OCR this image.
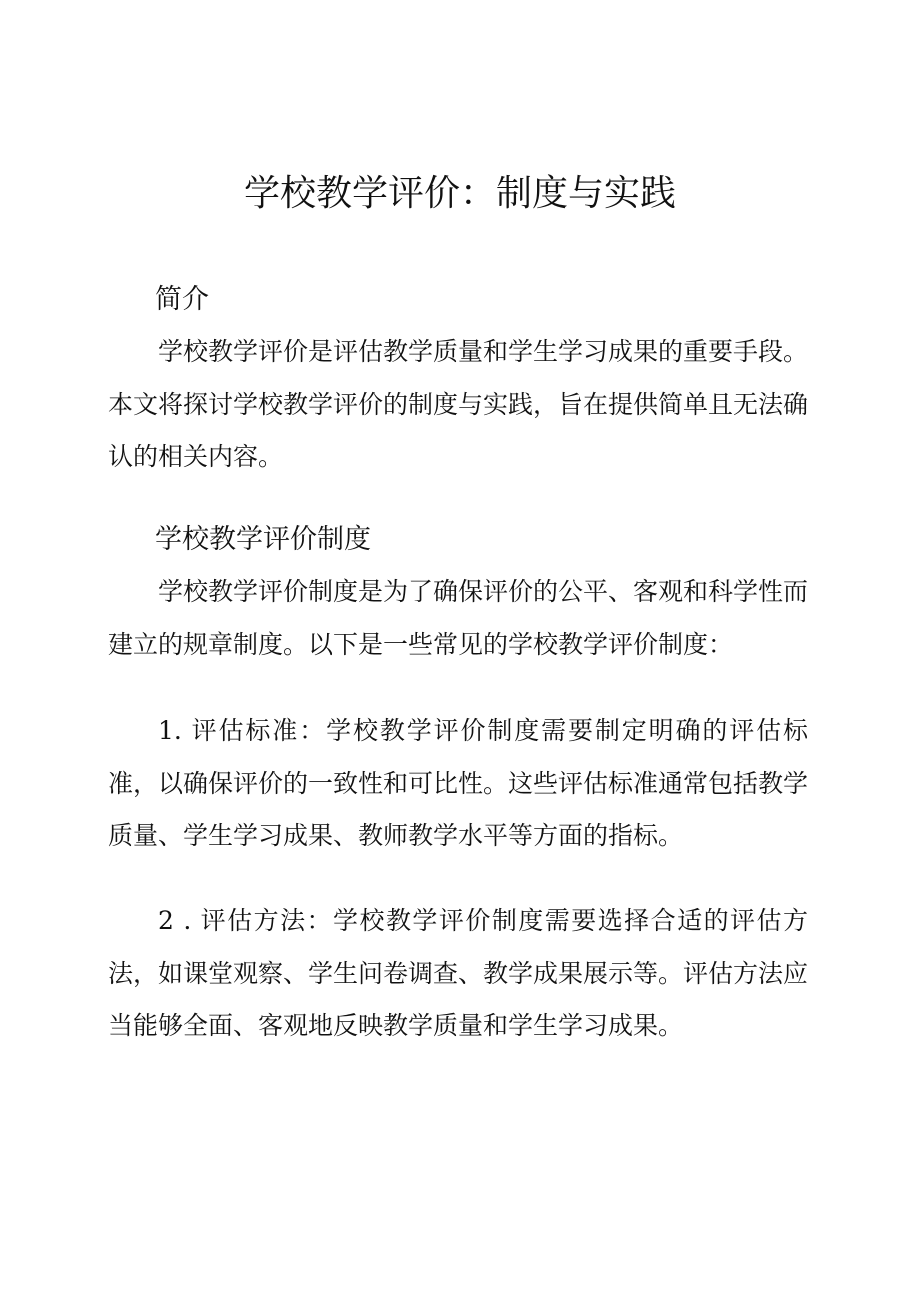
学校教学评价：制度与实践
简介

学校教学评价是评估教学质量和学生学习成果的重要手段。本文将探讨学校教学评价的制度与实践，旨在提供简单且无法确认的相关内容。

学校教学评价制度

学校教学评价制度是为了确保评价的公平、客观和科学性而建立的规章制度。以下是一些常见的学校教学评价制度：

1. 评估标准：学校教学评价制度需要制定明确的评估标准，以确保评价的一致性和可比性。这些评估标准通常包括教学质量、学生学习成果、教师教学水平等方面的指标。

2 . 评估方法：学校教学评价制度需要选择合适的评估方法，如课堂观察、学生问卷调查、教学成果展示等。评估方法应当能够全面、客观地反映教学质量和学生学习成果。
